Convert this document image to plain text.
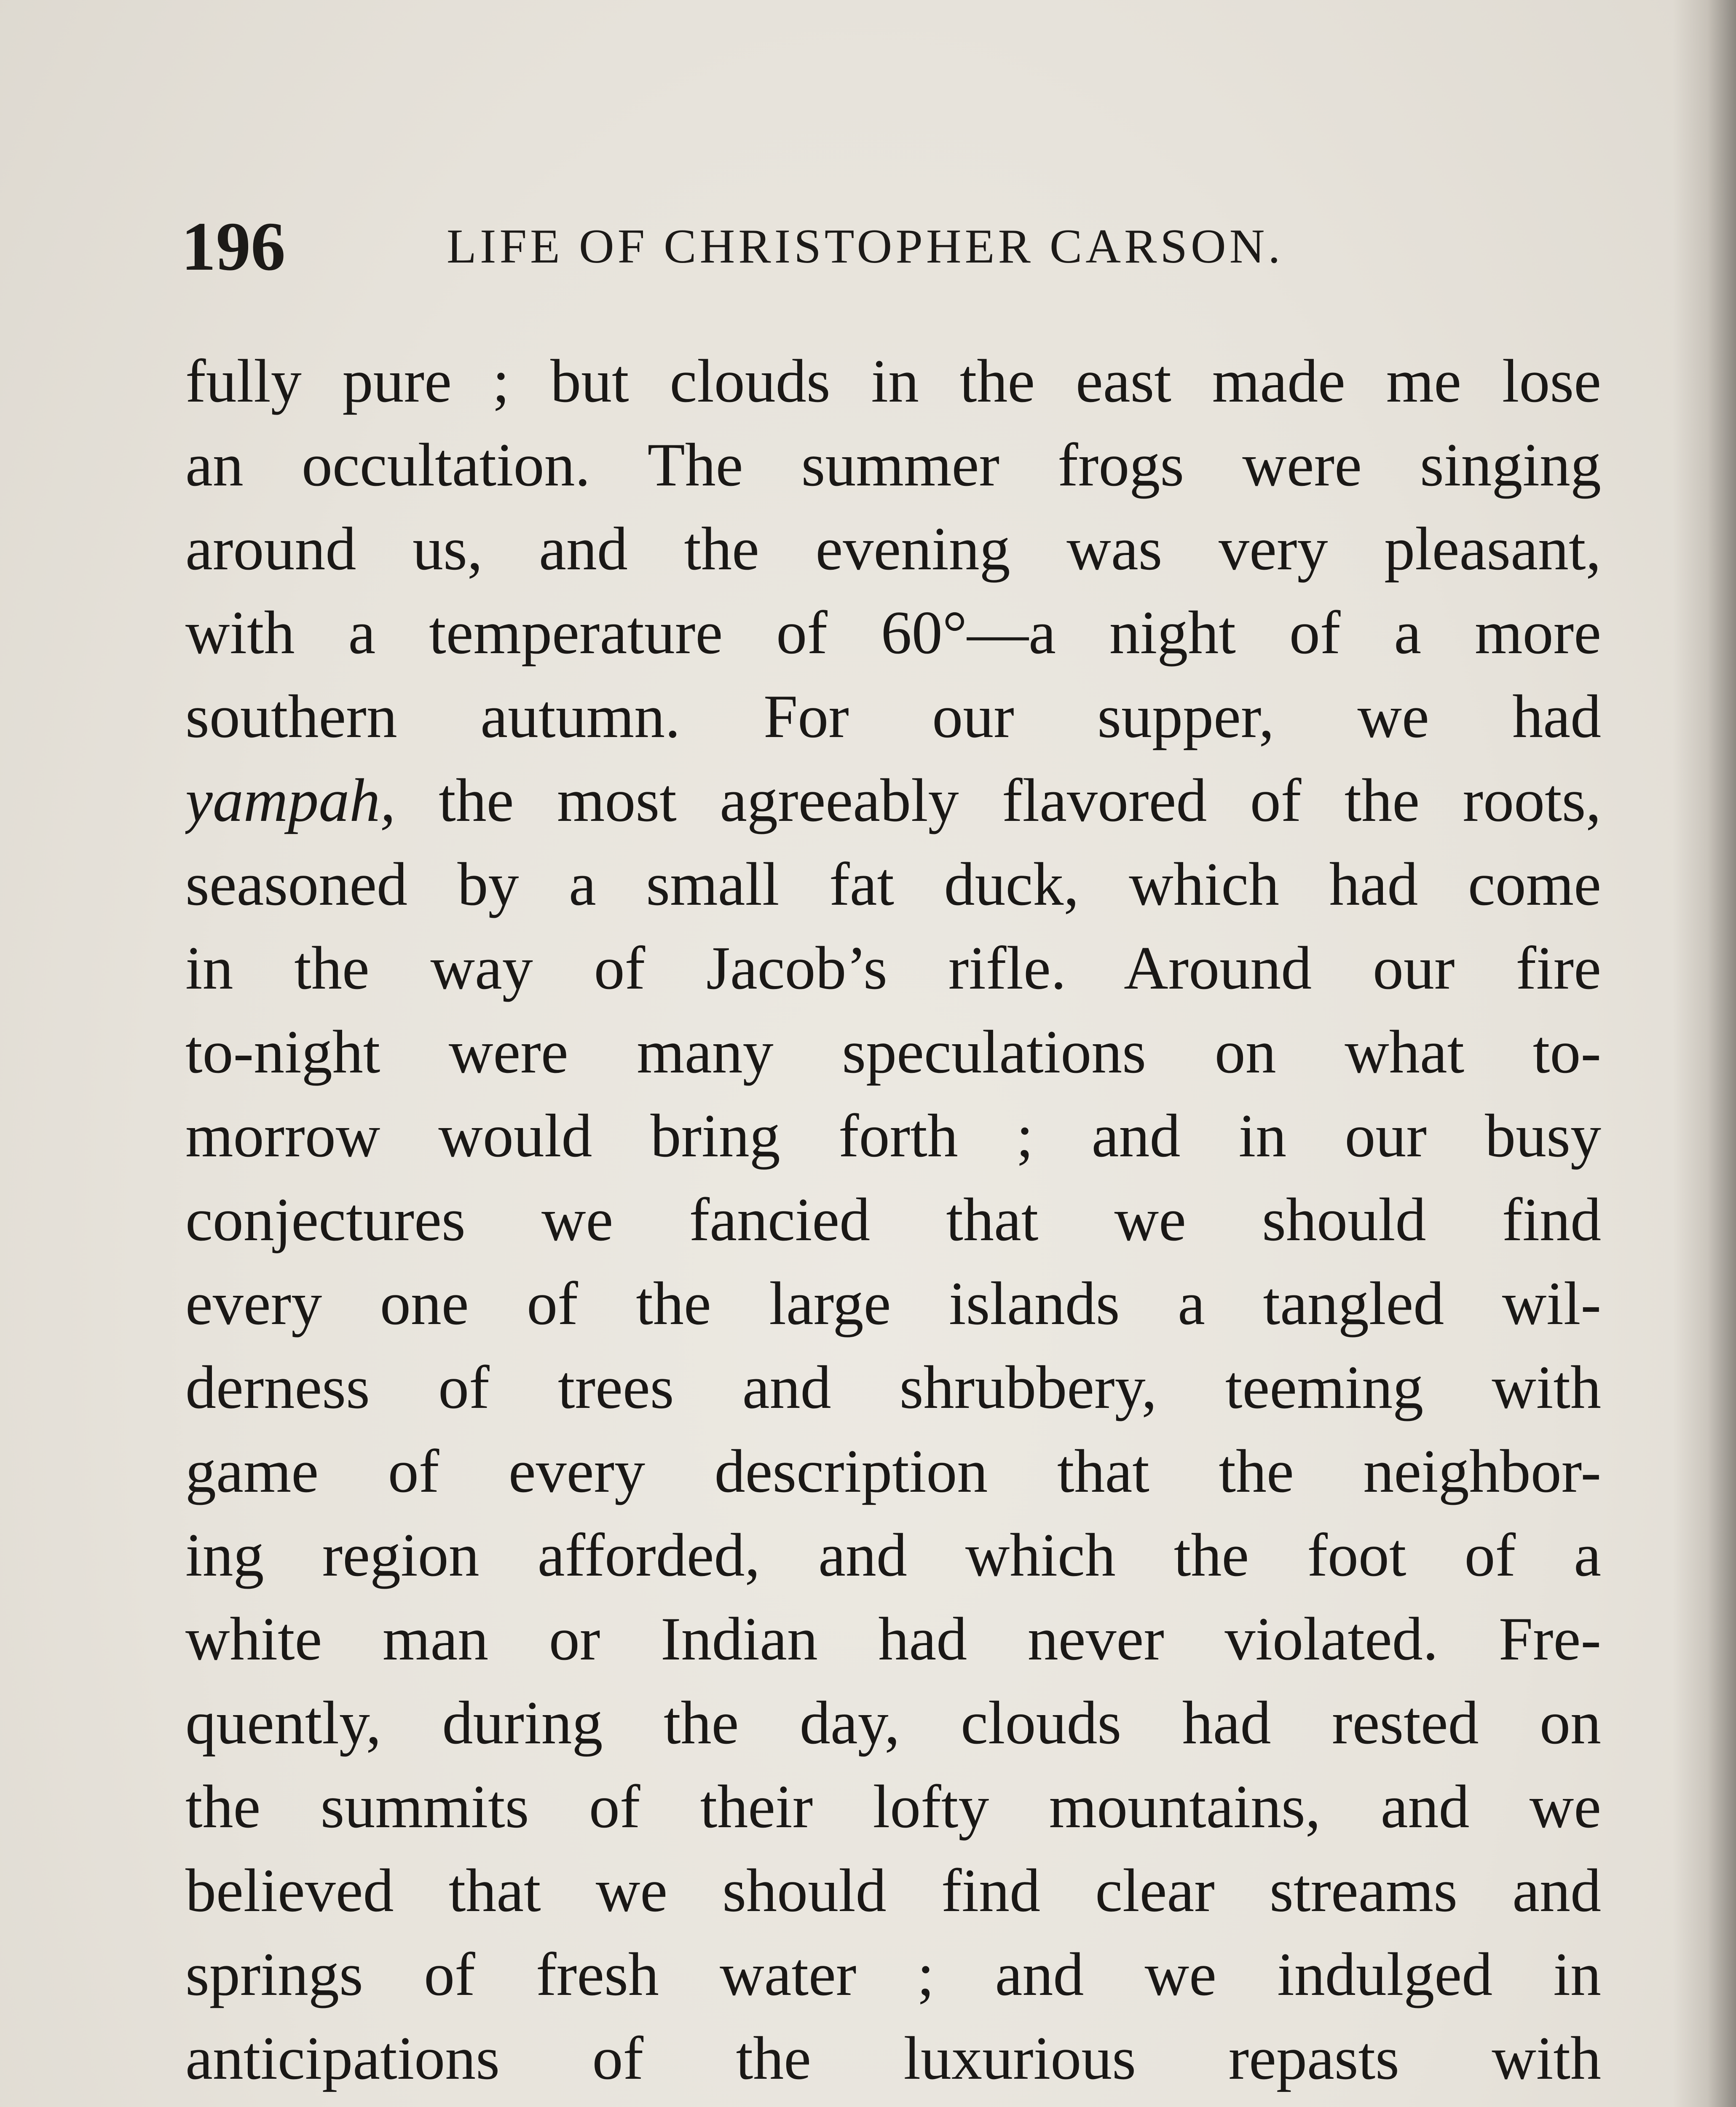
196	LIFE OF CHRISTOPHER CARSON.
fully pure ; but clouds in the east made me lose
an occultation. The summer frogs were singing
around us, and the evening was very pleasant,
with a temperature of 60°—a night of a more
southern autumn. For our supper, we had
yampah, the most agreeably flavored of the roots,
seasoned by a small fat duck, which had come
in the way of Jacob’s rifle. Around our fire
to-night were many speculations on what to-
morrow would bring forth ; and in our busy
conjectures we fancied that we should find
every one of the large islands a tangled wil-
derness of trees and shrubbery, teeming with
game of every description that the neighbor-
ing region afforded, and which the foot of a
white man or Indian had never violated. Fre-
quently, during the day, clouds had rested on
the summits of their lofty mountains, and we
believed that we should find clear streams and
springs of fresh water ; and we indulged in
anticipations of the luxurious repasts with
